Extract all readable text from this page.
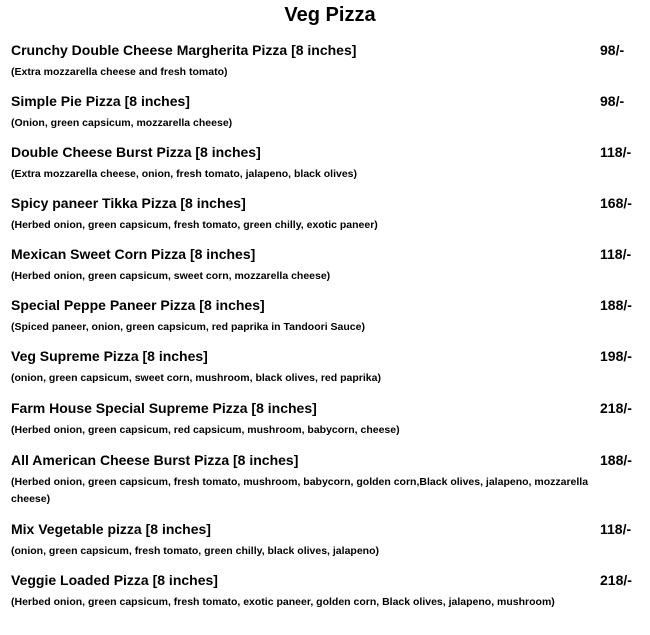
Veg Pizza
Crunchy Double Cheese Margherita Pizza [8 inches]	98/-
(Extra mozzarella cheese and fresh tomato)
Simple Pie Pizza [8 inches]	98/-
(Onion, green capsicum, mozzarella cheese)
Double Cheese Burst Pizza [8 inches]	118/-
(Extra mozzarella cheese, onion, fresh tomato, jalapeno, black olives)
Spicy paneer Tikka Pizza [8 inches]	168/-
(Herbed onion, green capsicum, fresh tomato, green chilly, exotic paneer)
Mexican Sweet Corn Pizza [8 inches]	118/-
(Herbed onion, green capsicum, sweet corn, mozzarella cheese)
Special Peppe Paneer Pizza [8 inches]	188/-
(Spiced paneer, onion, green capsicum, red paprika in Tandoori Sauce)
Veg Supreme Pizza [8 inches]	198/-
(onion, green capsicum, sweet corn, mushroom, black olives, red paprika)
Farm House Special Supreme Pizza [8 inches]	218/-
(Herbed onion, green capsicum, red capsicum, mushroom, babycorn, cheese)
All American Cheese Burst Pizza [8 inches]	188/-
(Herbed onion, green capsicum, fresh tomato, mushroom, babycorn, golden corn,Black olives, jalapeno, mozzarella cheese)
Mix Vegetable pizza [8 inches]	118/-
(onion, green capsicum, fresh tomato, green chilly, black olives, jalapeno)
Veggie Loaded Pizza [8 inches]	218/-
(Herbed onion, green capsicum, fresh tomato, exotic paneer, golden corn, Black olives, jalapeno, mushroom)
